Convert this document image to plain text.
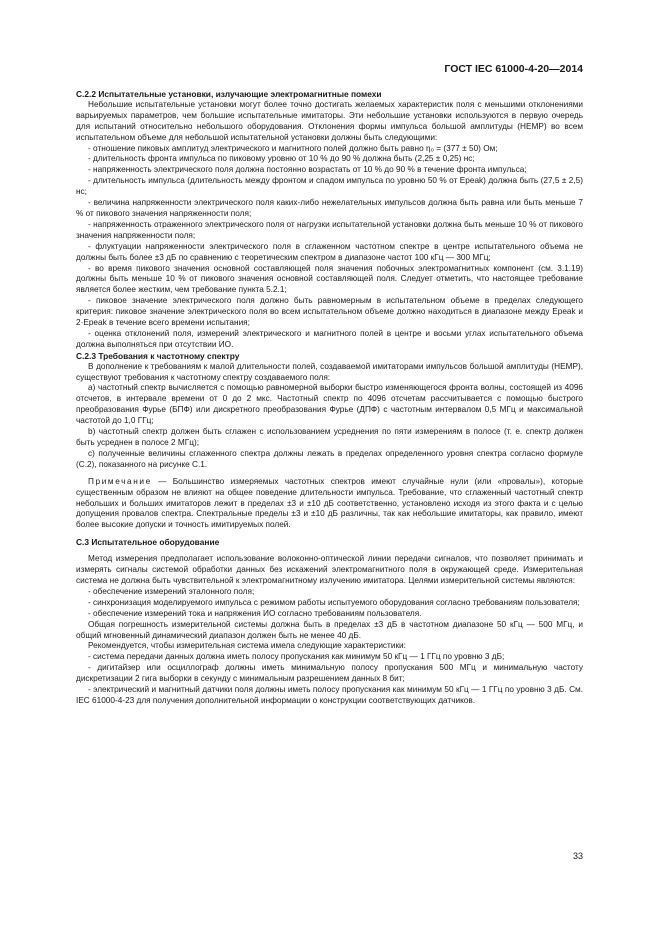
ГОСТ IEC 61000-4-20—2014
С.2.2 Испытательные установки, излучающие электромагнитные помехи

Небольшие испытательные установки могут более точно достигать желаемых характеристик поля с меньшими отклонениями варьируемых параметров, чем большие испытательные имитаторы. Эти небольшие установки используются в первую очередь для испытаний относительно небольшого оборудования. Отклонения формы импульса большой амплитуды (HEMP) во всем испытательном объеме для небольшой испытательной установки должны быть следующими:

- отношение пиковых амплитуд электрического и магнитного полей должно быть равно η₀ = (377 ± 50) Ом;

- длительность фронта импульса по пиковому уровню от 10 % до 90 % должна быть (2,25 ± 0,25) нс;

- напряженность электрического поля должна постоянно возрастать от 10 % до 90 % в течение фронта импульса;

- длительность импульса (длительность между фронтом и спадом импульса по уровню 50 % от Epeak) должна быть (27,5 ± 2,5) нс;

- величина напряженности электрического поля каких-либо нежелательных импульсов должна быть равна или быть меньше 7 % от пикового значения напряженности поля;

- напряженность отраженного электрического поля от нагрузки испытательной установки должна быть меньше 10 % от пикового значения напряженности поля;

- флуктуации напряженности электрического поля в сглаженном частотном спектре в центре испытательного объема не должны быть более ±3 дБ по сравнению с теоретическим спектром в диапазоне частот 100 кГц — 300 МГц;

- во время пикового значения основной составляющей поля значения побочных электромагнитных компонент (см. 3.1.19) должны быть меньше 10 % от пикового значения основной составляющей поля. Следует отметить, что настоящее требование является более жестким, чем требование пункта 5.2.1;

- пиковое значение электрического поля должно быть равномерным в испытательном объеме в пределах следующего критерия: пиковое значение электрического поля во всем испытательном объеме должно находиться в диапазоне между Epeak и 2·Epeak в течение всего времени испытания;

- оценка отклонений поля, измерений электрического и магнитного полей в центре и восьми углах испытательного объема должна выполняться при отсутствии ИО.

С.2.3 Требования к частотному спектру

В дополнение к требованиям к малой длительности полей, создаваемой имитаторами импульсов большой амплитуды (HEMP), существуют требования к частотному спектру создаваемого поля:

a) частотный спектр вычисляется с помощью равномерной выборки быстро изменяющегося фронта волны, состоящей из 4096 отсчетов, в интервале времени от 0 до 2 мкс. Частотный спектр по 4096 отсчетам рассчитывается с помощью быстрого преобразования Фурье (БПФ) или дискретного преобразования Фурье (ДПФ) с частотным интервалом 0,5 МГц и максимальной частотой до 1,0 ГГц;

b) частотный спектр должен быть сглажен с использованием усреднения по пяти измерениям в полосе (т. е. спектр должен быть усреднен в полосе 2 МГц);

c) полученные величины сглаженного спектра должны лежать в пределах определенного уровня спектра согласно формуле (С.2), показанного на рисунке С.1.

Примечание — Большинство измеряемых частотных спектров имеют случайные нули (или «провалы»), которые существенным образом не влияют на общее поведение длительности импульса. Требование, что сглаженный частотный спектр небольших и больших имитаторов лежит в пределах ±3 и ±10 дБ соответственно, установлено исходя из этого факта и с целью допущения провалов спектра. Спектральные пределы ±3 и ±10 дБ различны, так как небольшие имитаторы, как правило, имеют более высокие допуски и точность имитируемых полей.

С.3 Испытательное оборудование

Метод измерения предполагает использование волоконно-оптической линии передачи сигналов, что позволяет принимать и измерять сигналы системой обработки данных без искажений электромагнитного поля в окружающей среде. Измерительная система не должна быть чувствительной к электромагнитному излучению имитатора. Целями измерительной системы являются:

- обеспечение измерений эталонного поля;

- синхронизация моделируемого импульса с режимом работы испытуемого оборудования согласно требованиям пользователя;

- обеспечение измерений тока и напряжения ИО согласно требованиям пользователя.

Общая погрешность измерительной системы должна быть в пределах ±3 дБ в частотном диапазоне 50 кГц — 500 МГц, и общий мгновенный динамический диапазон должен быть не менее 40 дБ.

Рекомендуется, чтобы измерительная система имела следующие характеристики:

- система передачи данных должна иметь полосу пропускания как минимум 50 кГц — 1 ГГц по уровню 3 дБ;

- дигитайзер или осциллограф должны иметь минимальную полосу пропускания 500 МГц и минимальную частоту дискретизации 2 гига выборки в секунду с минимальным разрешением данных 8 бит;

- электрический и магнитный датчики поля должны иметь полосу пропускания как минимум 50 кГц — 1 ГГц по уровню 3 дБ. См. IEC 61000-4-23 для получения дополнительной информации о конструкции соответствующих датчиков.

33
